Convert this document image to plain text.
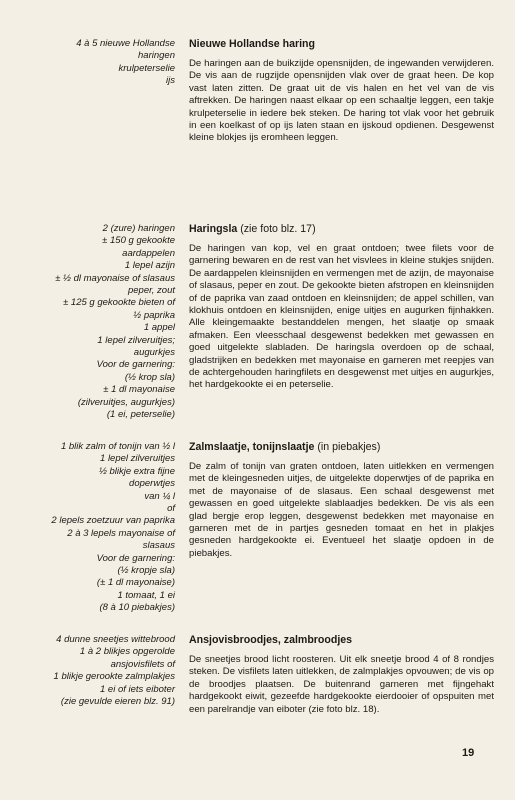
4 à 5 nieuwe Hollandse
haringen
krulpeterselie
ijs
Nieuwe Hollandse haring

De haringen aan de buikzijde opensnijden, de ingewanden verwijderen. De vis aan de rugzijde opensnijden vlak over de graat heen. De kop vast laten zitten. De graat uit de vis halen en het vel van de vis aftrekken. De haringen naast elkaar op een schaaltje leggen, een takje krulpeterselie in iedere bek steken. De haring tot vlak voor het gebruik in een koelkast of op ijs laten staan en ijskoud opdienen. Desgewenst kleine blokjes ijs eromheen leggen.

2 (zure) haringen
± 150 g gekookte
aardappelen
1 lepel azijn
± ½ dl mayonaise of slasaus
peper, zout
± 125 g gekookte bieten of
½ paprika
1 appel
1 lepel zilveruitjes;
augurkjes
Voor de garnering:
(½ krop sla)
± 1 dl mayonaise
(zilveruitjes, augurkjes)
(1 ei, peterselie)
Haringsla (zie foto blz. 17)

De haringen van kop, vel en graat ontdoen; twee filets voor de garnering bewaren en de rest van het visvlees in kleine stukjes snijden. De aardappelen kleinsnijden en vermengen met de azijn, de mayonaise of slasaus, peper en zout. De gekookte bieten afstropen en kleinsnijden of de paprika van zaad ontdoen en kleinsnijden; de appel schillen, van klokhuis ontdoen en kleinsnijden, enige uitjes en augurken fijnhakken. Alle kleingemaakte bestanddelen mengen, het slaatje op smaak afmaken. Een vleesschaal desgewenst bedekken met gewassen en goed uitgelekte slabladen. De haringsla overdoen op de schaal, gladstrijken en bedekken met mayonaise en garneren met reepjes van de achtergehouden haringfilets en desgewenst met uitjes en augurkjes, het hardgekookte ei en peterselie.

1 blik zalm of tonijn van ½ l
1 lepel zilveruitjes
½ blikje extra fijne
doperwtjes
van ¼ l
of
2 lepels zoetzuur van paprika
2 à 3 lepels mayonaise of
slasaus
Voor de garnering:
(½ kropje sla)
(± 1 dl mayonaise)
1 tomaat, 1 ei
(8 à 10 piebakjes)
Zalmslaatje, tonijnslaatje (in piebakjes)

De zalm of tonijn van graten ontdoen, laten uitlekken en vermengen met de kleingesneden uitjes, de uitgelekte doperwtjes of de paprika en met de mayonaise of de slasaus. Een schaal desgewenst met gewassen en goed uitgelekte slablaadjes bedekken. De vis als een glad bergje erop leggen, desgewenst bedekken met mayonaise en garneren met de in partjes gesneden tomaat en het in plakjes gesneden hardgekookte ei. Eventueel het slaatje opdoen in de piebakjes.

4 dunne sneetjes wittebrood
1 à 2 blikjes opgerolde
ansjovisfilets of
1 blikje gerookte zalmplakjes
1 ei of iets eiboter
(zie gevulde eieren blz. 91)
Ansjovisbroodjes, zalmbroodjes

De sneetjes brood licht roosteren. Uit elk sneetje brood 4 of 8 rondjes steken. De visfilets laten uitlekken, de zalmplakjes opvouwen; de vis op de broodjes plaatsen. De buitenrand garneren met fijngehakt hardgekookt eiwit, gezeefde hardgekookte eierdooier of opspuiten met een parelrandje van eiboter (zie foto blz. 18).

19
